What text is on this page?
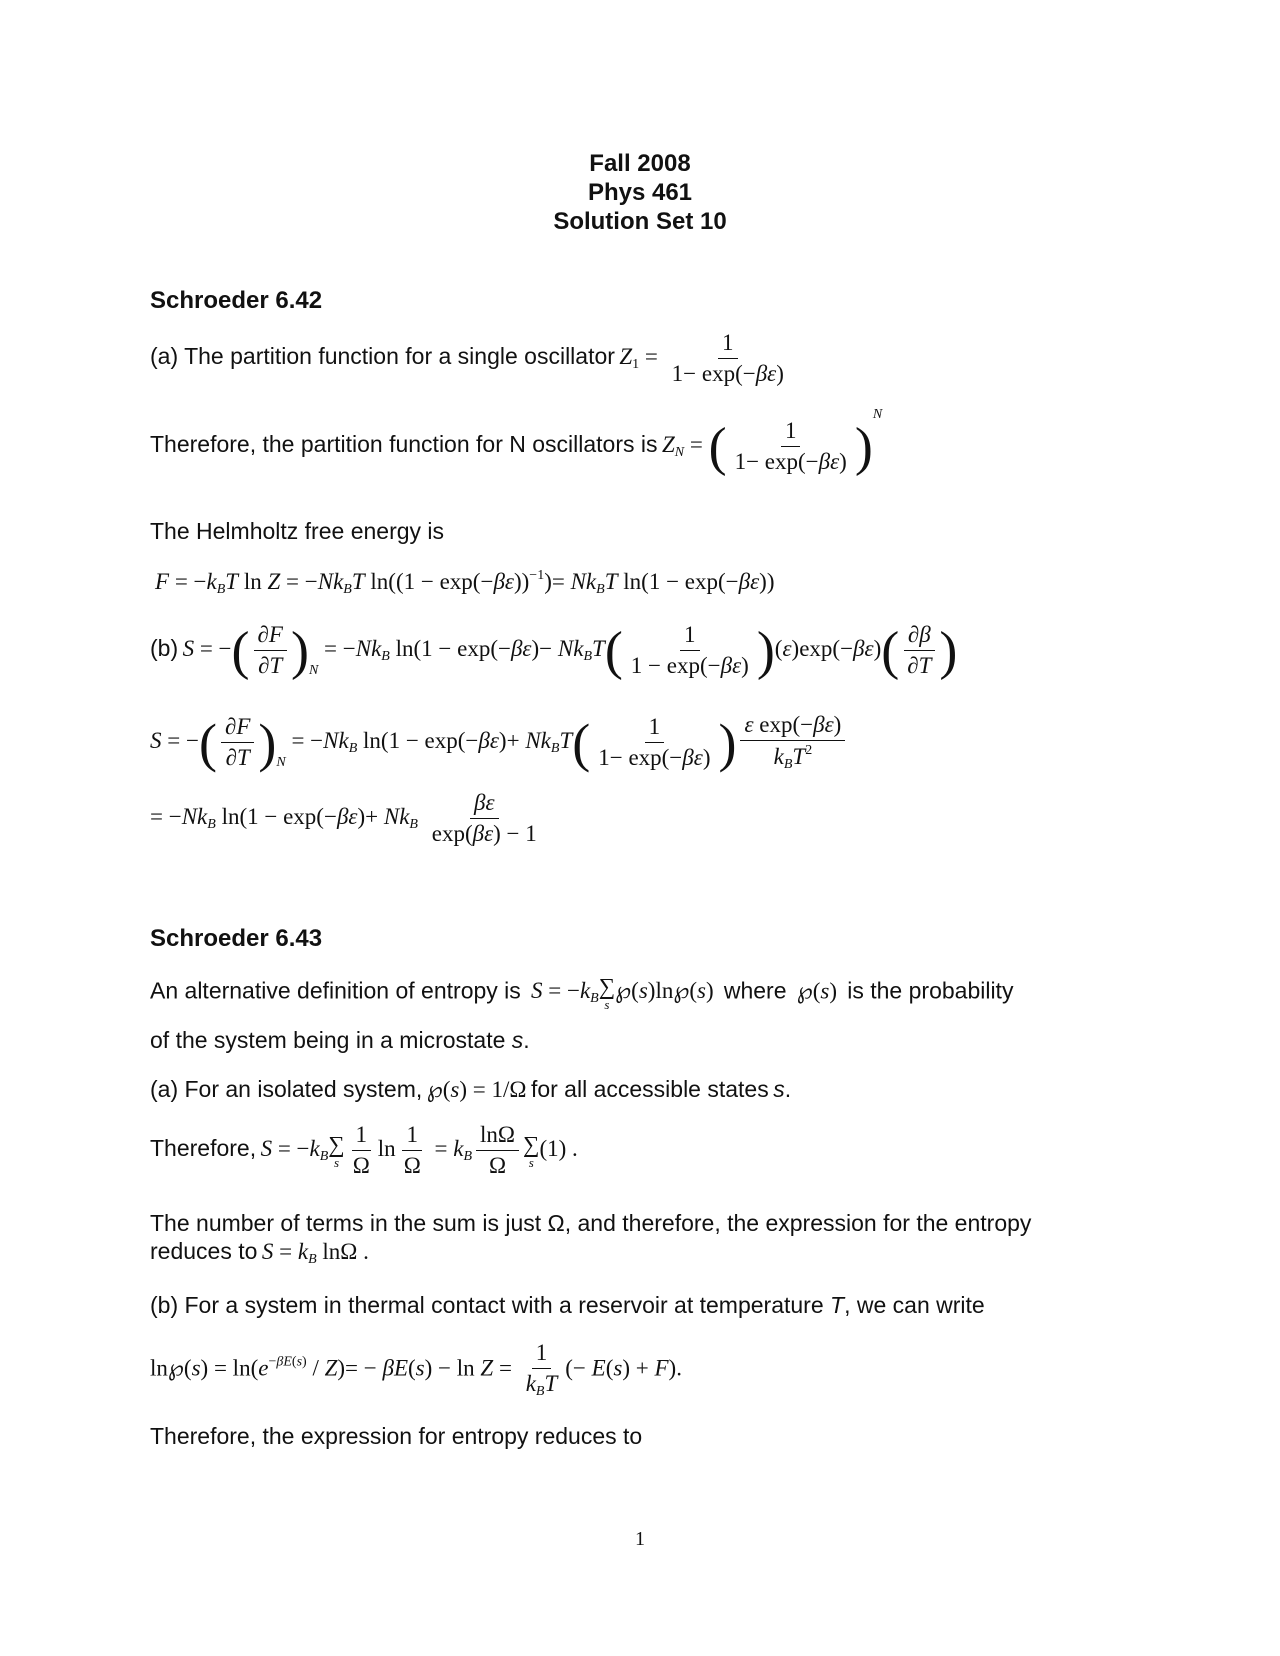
Fall 2008
Phys 461
Solution Set 10
Schroeder 6.42
(a) The partition function for a single oscillator $Z_1 = \frac{1}{1- \exp(-\beta\varepsilon)}$
Therefore, the partition function for N oscillators is $Z_N$ = ( $\frac{1}{1- \exp(-\beta\varepsilon)} )^N$
The Helmholtz free energy is
$F = -k_BT$ $\ln Z = -Nk_BT$ $\ln((1 - \exp(-\beta\varepsilon))^{-1})= Nk_BT$ ln(1 − exp(−βε))
(b) S = −( $\frac{\partial F}{\partial T} )_N = -Nk_B$ $\ln(1 - \exp(-\beta\varepsilon)- Nk_BT( \frac{1}{1 - \exp(-\beta\varepsilon)} )(\varepsilon)\exp(-\beta\varepsilon)( \frac{\partial\beta}{\partial T}$ )
S = −( $\frac{\partial F}{\partial T} )_N = -Nk_B$ $\ln(1 - \exp(-\beta\varepsilon)+ Nk_BT( \frac{1}{1- \exp(-\beta\varepsilon)}$ ) $\frac{\text{ε exp(−βε)}}{k_BT^2}$
= $-Nk_B$ $\ln(1 - \exp(-\beta\varepsilon)+ Nk_B \frac{\beta\varepsilon}{\exp(\beta\varepsilon) - 1}$
Schroeder 6.43
An alternative definition of entropy is $S = -k_B$ ∑
s
℘(s)ln℘(s)  where  ℘(s)  is the probability
of the system being in a microstate s.
(a) For an isolated system, ℘(s) = 1/Ω for all accessible states s.
Therefore, $S = -k_B$ ∑
s $\frac{1}{\Omega}$ $\ln \frac{1}{\Omega} = k_B \frac{\ln\Omega}{\Omega}$ ∑
s
(1) .
The number of terms in the sum is just Ω, and therefore, the expression for the entropy
reduces to $S = k_B$ lnΩ .
(b) For a system in thermal contact with a reservoir at temperature T, we can write
ln℘(s) = $\ln(e^{-\beta E(s)} / Z)= - \beta E(s) - \ln Z = \frac{1}{k_BT}$ (− E(s) + F).
Therefore, the expression for entropy reduces to
1
